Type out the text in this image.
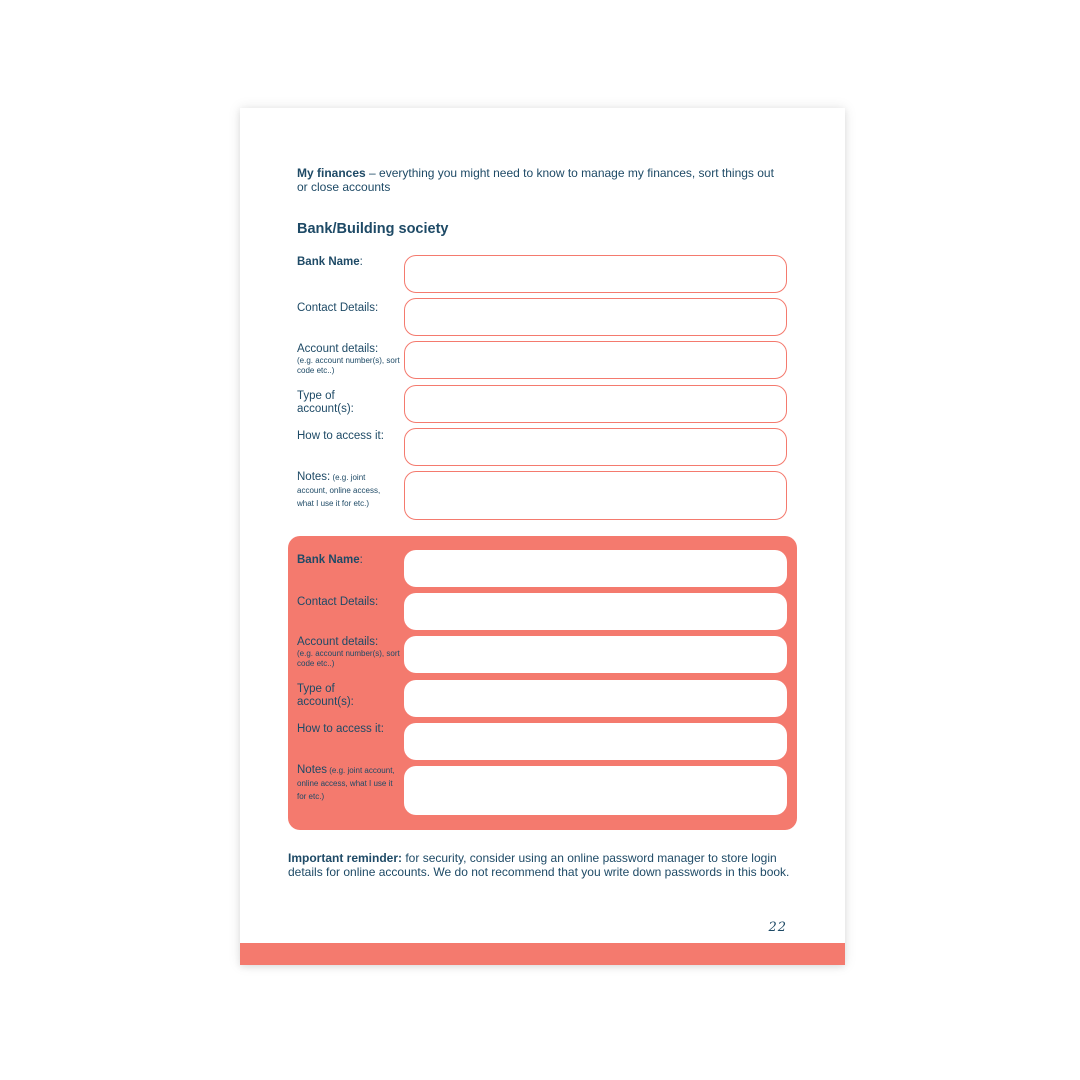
My finances – everything you might need to know to manage my finances, sort things out or close accounts
Bank/Building society
Bank Name:
Contact Details:
Account details:
(e.g. account number(s), sort code etc..)
Type of account(s):
How to access it:
Notes: (e.g. joint account, online access, what I use it for etc.)
Bank Name:
Contact Details:
Account details:
(e.g. account number(s), sort code etc..)
Type of account(s):
How to access it:
Notes (e.g. joint account, online access, what I use it for etc.)
Important reminder: for security, consider using an online password manager to store login details for online accounts. We do not recommend that you write down passwords in this book.
22
